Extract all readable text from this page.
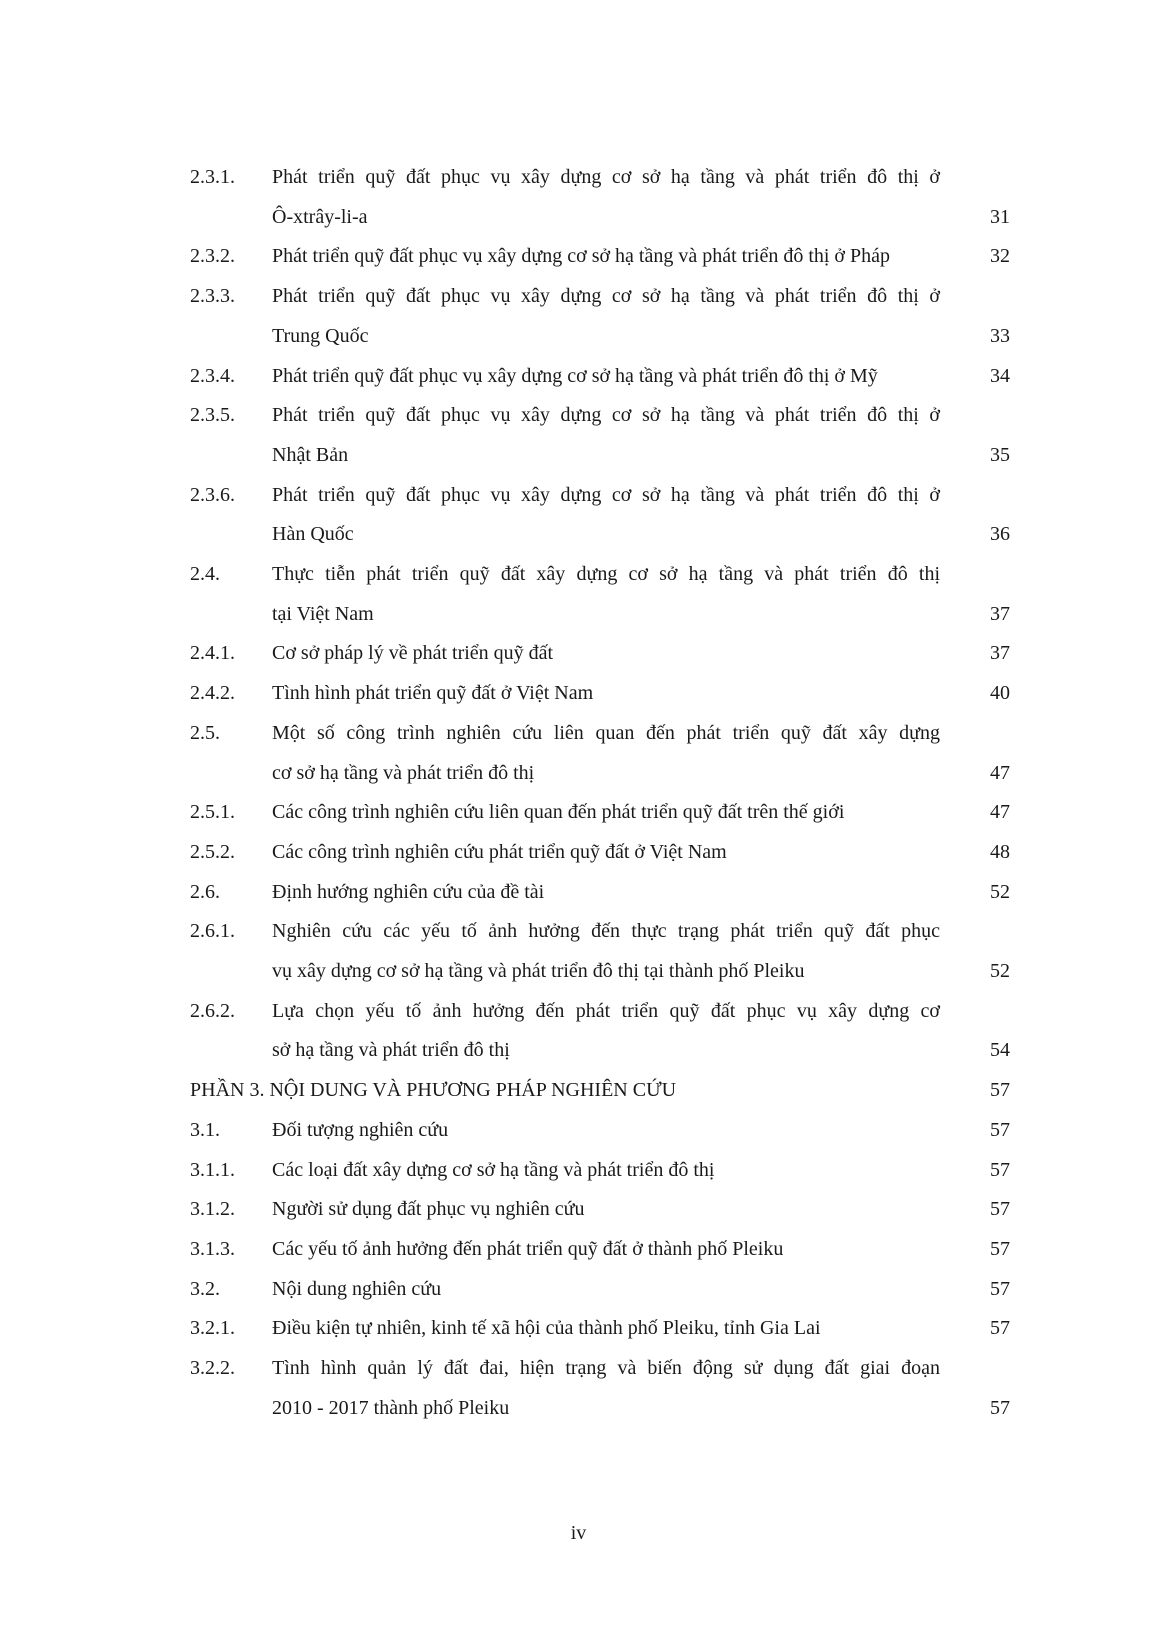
2.3.1.	Phát triển quỹ đất phục vụ xây dựng cơ sở hạ tầng và phát triển đô thị ở
Ô-xtrây-li-a	31
2.3.2.	Phát triển quỹ đất phục vụ xây dựng cơ sở hạ tầng và phát triển đô thị ở Pháp	32
2.3.3.	Phát triển quỹ đất phục vụ xây dựng cơ sở hạ tầng và phát triển đô thị ở
Trung Quốc	33
2.3.4.	Phát triển quỹ đất phục vụ xây dựng cơ sở hạ tầng và phát triển đô thị ở Mỹ	34
2.3.5.	Phát triển quỹ đất phục vụ xây dựng cơ sở hạ tầng và phát triển đô thị ở
Nhật Bản	35
2.3.6.	Phát triển quỹ đất phục vụ xây dựng cơ sở hạ tầng và phát triển đô thị ở
Hàn Quốc	36
2.4.	Thực tiễn phát triển quỹ đất xây dựng cơ sở hạ tầng và phát triển đô thị
tại Việt Nam	37
2.4.1.	Cơ sở pháp lý về phát triển quỹ đất	37
2.4.2.	Tình hình phát triển quỹ đất ở Việt Nam	40
2.5.	Một số công trình nghiên cứu liên quan đến phát triển quỹ đất xây dựng
cơ sở hạ tầng và phát triển đô thị	47
2.5.1.	Các công trình nghiên cứu liên quan đến phát triển quỹ đất trên thế giới	47
2.5.2.	Các công trình nghiên cứu phát triển quỹ đất ở Việt Nam	48
2.6.	Định hướng nghiên cứu của đề tài	52
2.6.1.	Nghiên cứu các yếu tố ảnh hưởng đến thực trạng phát triển quỹ đất phục
vụ xây dựng cơ sở hạ tầng và phát triển đô thị tại thành phố Pleiku	52
2.6.2.	Lựa chọn yếu tố ảnh hưởng đến phát triển quỹ đất phục vụ xây dựng cơ
sở hạ tầng và phát triển đô thị	54
PHẦN 3. NỘI DUNG VÀ PHƯƠNG PHÁP NGHIÊN CỨU	57
3.1.	Đối tượng nghiên cứu	57
3.1.1.	Các loại đất xây dựng cơ sở hạ tầng và phát triển đô thị	57
3.1.2.	Người sử dụng đất phục vụ nghiên cứu	57
3.1.3.	Các yếu tố ảnh hưởng đến phát triển quỹ đất ở thành phố Pleiku	57
3.2.	Nội dung nghiên cứu	57
3.2.1.	Điều kiện tự nhiên, kinh tế xã hội của thành phố Pleiku, tỉnh Gia Lai	57
3.2.2.	Tình hình quản lý đất đai, hiện trạng và biến động sử dụng đất giai đoạn
2010 - 2017 thành phố Pleiku	57
iv
